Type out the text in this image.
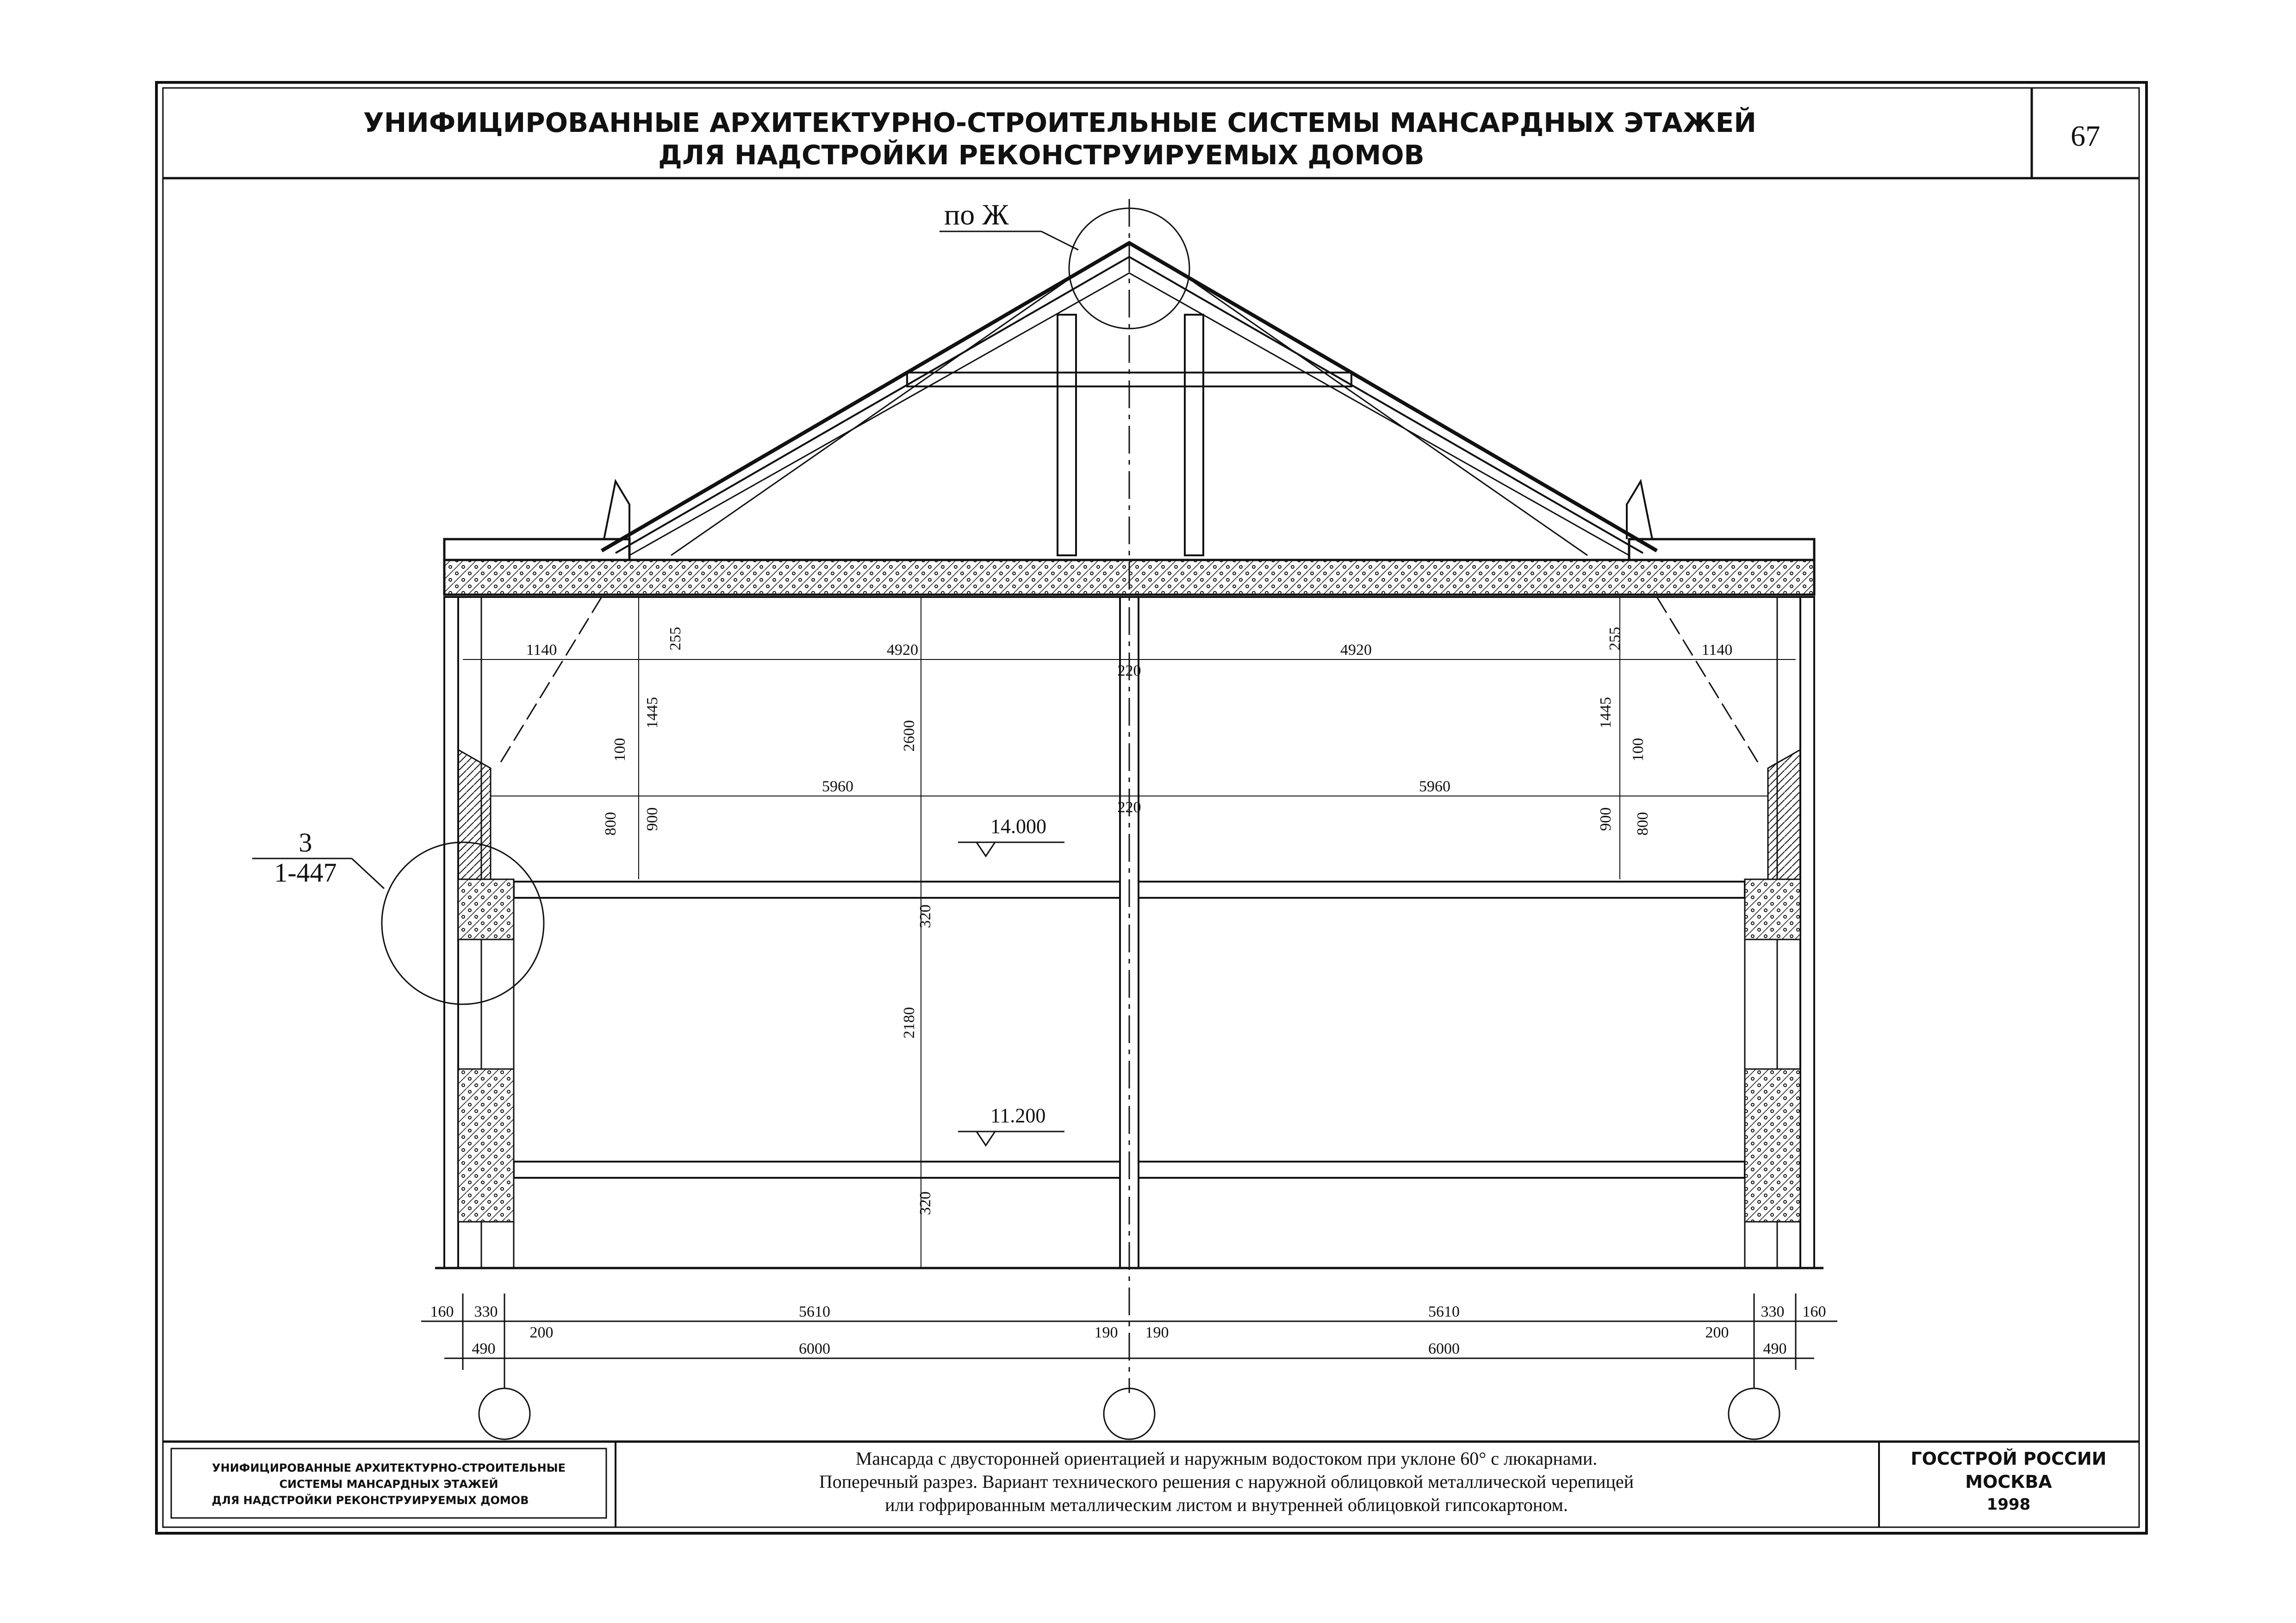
УНИФИЦИРОВАННЫЕ АРХИТЕКТУРНО-СТРОИТЕЛЬНЫЕ СИСТЕМЫ МАНСАРДНЫХ ЭТАЖЕЙ
ДЛЯ НАДСТРОЙКИ РЕКОНСТРУИРУЕМЫХ ДОМОВ
67
по Ж
3
1-447
14.000
11.200
1140	4920	4920	1140
220
220
5960	5960
255	255
1445	1445
100	100
900	900
800	800
2600
320
2180
320
160 330	5610	5610	330 160
200	190 190	200
490	6000	6000	490
УНИФИЦИРОВАННЫЕ АРХИТЕКТУРНО-СТРОИТЕЛЬНЫЕ
СИСТЕМЫ МАНСАРДНЫХ ЭТАЖЕЙ
ДЛЯ НАДСТРОЙКИ РЕКОНСТРУИРУЕМЫХ ДОМОВ
Мансарда с двусторонней ориентацией и наружным водостоком при уклоне 60° с люкарнами.
Поперечный разрез. Вариант технического решения с наружной облицовкой металлической черепицей
или гофрированным металлическим листом и внутренней облицовкой гипсокартоном.
ГОССТРОЙ РОССИИ
МОСКВА
1998
